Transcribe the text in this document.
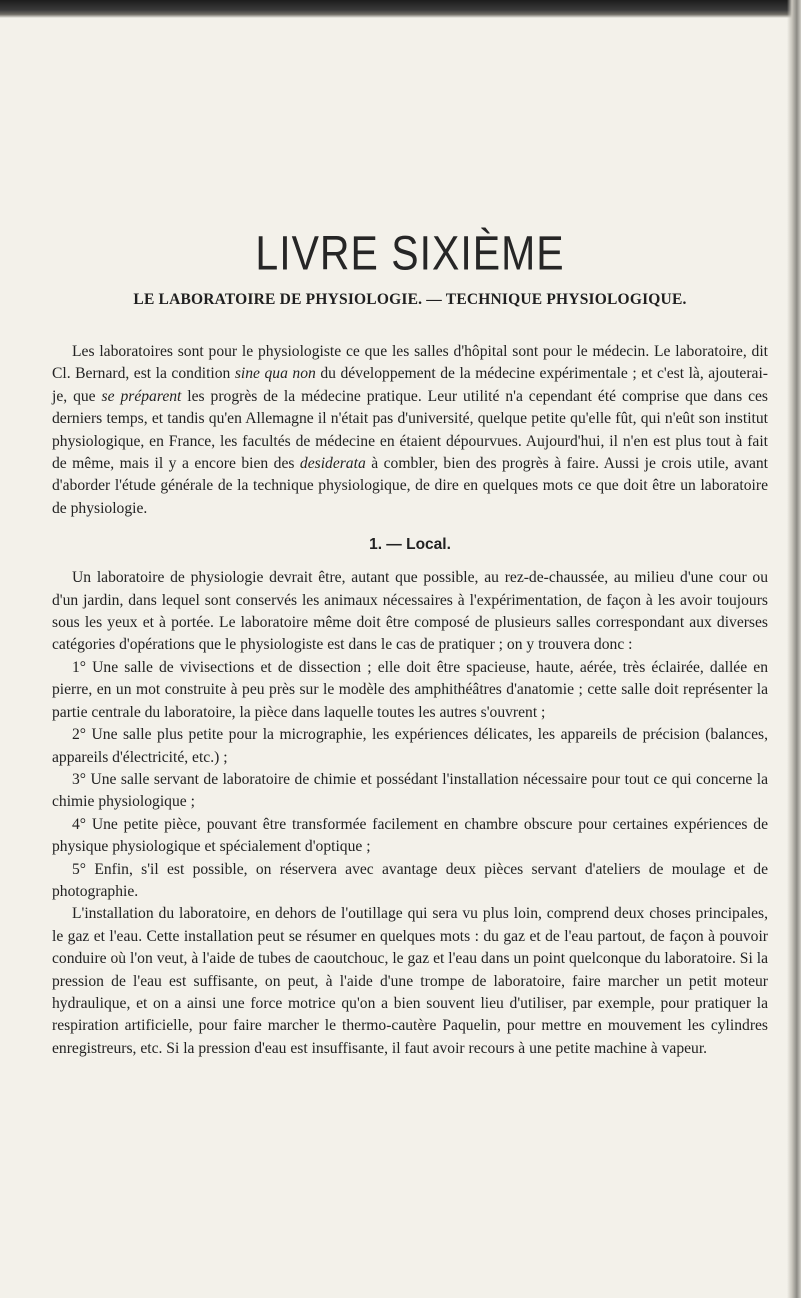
LIVRE SIXIÈME
LE LABORATOIRE DE PHYSIOLOGIE. — TECHNIQUE PHYSIOLOGIQUE.

Les laboratoires sont pour le physiologiste ce que les salles d'hôpital sont pour le médecin. Le laboratoire, dit Cl. Bernard, est la condition sine qua non du développement de la médecine expérimentale ; et c'est là, ajouterai-je, que se préparent les progrès de la médecine pratique. Leur utilité n'a cependant été comprise que dans ces derniers temps, et tandis qu'en Allemagne il n'était pas d'université, quelque petite qu'elle fût, qui n'eût son institut physiologique, en France, les facultés de médecine en étaient dépourvues. Aujourd'hui, il n'en est plus tout à fait de même, mais il y a encore bien des desiderata à combler, bien des progrès à faire. Aussi je crois utile, avant d'aborder l'étude générale de la technique physiologique, de dire en quelques mots ce que doit être un laboratoire de physiologie.

1. — Local.

Un laboratoire de physiologie devrait être, autant que possible, au rez-de-chaussée, au milieu d'une cour ou d'un jardin, dans lequel sont conservés les animaux nécessaires à l'expérimentation, de façon à les avoir toujours sous les yeux et à portée. Le laboratoire même doit être composé de plusieurs salles correspondant aux diverses catégories d'opérations que le physiologiste est dans le cas de pratiquer ; on y trouvera donc :

1° Une salle de vivisections et de dissection ; elle doit être spacieuse, haute, aérée, très éclairée, dallée en pierre, en un mot construite à peu près sur le modèle des amphithéâtres d'anatomie ; cette salle doit représenter la partie centrale du laboratoire, la pièce dans laquelle toutes les autres s'ouvrent ;

2° Une salle plus petite pour la micrographie, les expériences délicates, les appareils de précision (balances, appareils d'électricité, etc.) ;

3° Une salle servant de laboratoire de chimie et possédant l'installation nécessaire pour tout ce qui concerne la chimie physiologique ;

4° Une petite pièce, pouvant être transformée facilement en chambre obscure pour certaines expériences de physique physiologique et spécialement d'optique ;

5° Enfin, s'il est possible, on réservera avec avantage deux pièces servant d'ateliers de moulage et de photographie.

L'installation du laboratoire, en dehors de l'outillage qui sera vu plus loin, comprend deux choses principales, le gaz et l'eau. Cette installation peut se résumer en quelques mots : du gaz et de l'eau partout, de façon à pouvoir conduire où l'on veut, à l'aide de tubes de caoutchouc, le gaz et l'eau dans un point quelconque du laboratoire. Si la pression de l'eau est suffisante, on peut, à l'aide d'une trompe de laboratoire, faire marcher un petit moteur hydraulique, et on a ainsi une force motrice qu'on a bien souvent lieu d'utiliser, par exemple, pour pratiquer la respiration artificielle, pour faire marcher le thermo-cautère Paquelin, pour mettre en mouvement les cylindres enregistreurs, etc. Si la pression d'eau est insuffisante, il faut avoir recours à une petite machine à vapeur.
